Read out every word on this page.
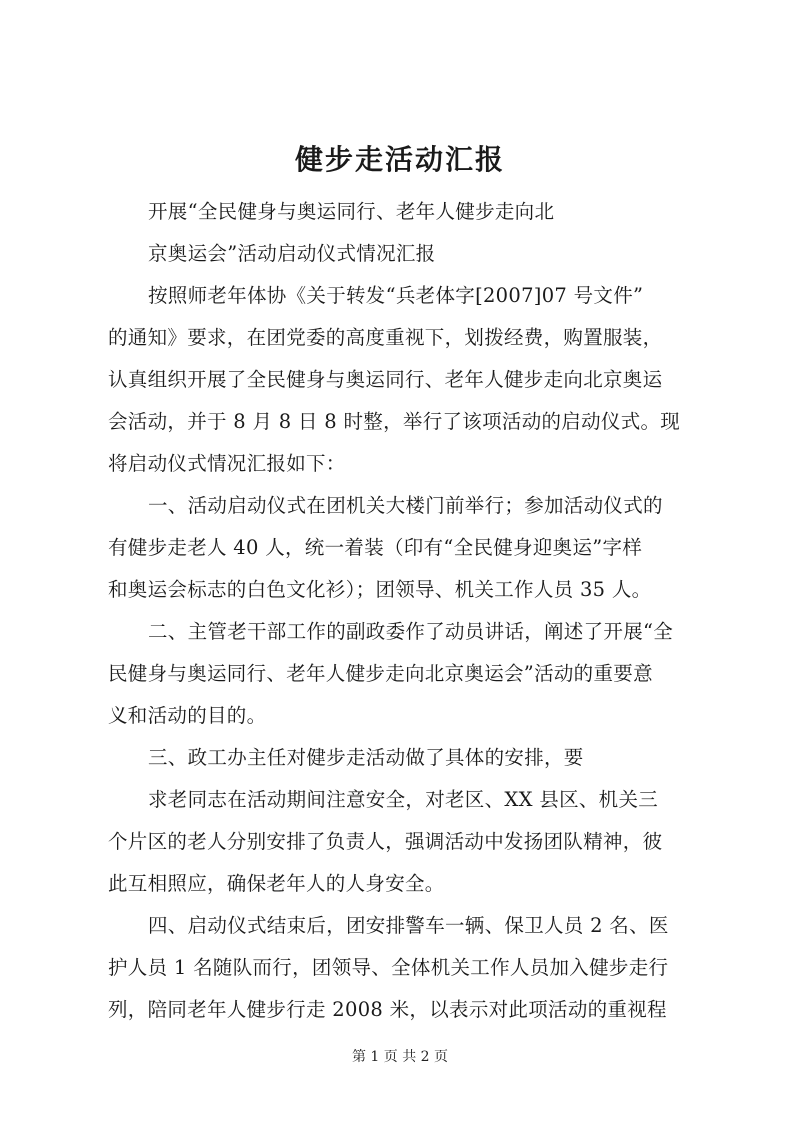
健步走活动汇报
开展“全民健身与奥运同行、老年人健步走向北
京奥运会”活动启动仪式情况汇报
按照师老年体协《关于转发“兵老体字[2007]07 号文件”
的通知》要求，在团党委的高度重视下，划拨经费，购置服装，
认真组织开展了全民健身与奥运同行、老年人健步走向北京奥运
会活动，并于 8 月 8 日 8 时整，举行了该项活动的启动仪式。现
将启动仪式情况汇报如下：
一、活动启动仪式在团机关大楼门前举行；参加活动仪式的
有健步走老人 40 人，统一着装（印有“全民健身迎奥运”字样
和奥运会标志的白色文化衫）；团领导、机关工作人员 35 人。
二、主管老干部工作的副政委作了动员讲话，阐述了开展“全
民健身与奥运同行、老年人健步走向北京奥运会”活动的重要意
义和活动的目的。
三、政工办主任对健步走活动做了具体的安排，要
求老同志在活动期间注意安全，对老区、XX 县区、机关三
个片区的老人分别安排了负责人，强调活动中发扬团队精神，彼
此互相照应，确保老年人的人身安全。
四、启动仪式结束后，团安排警车一辆、保卫人员 2 名、医
护人员 1 名随队而行，团领导、全体机关工作人员加入健步走行
列，陪同老年人健步行走 2008 米，以表示对此项活动的重视程
第 1 页 共 2 页
